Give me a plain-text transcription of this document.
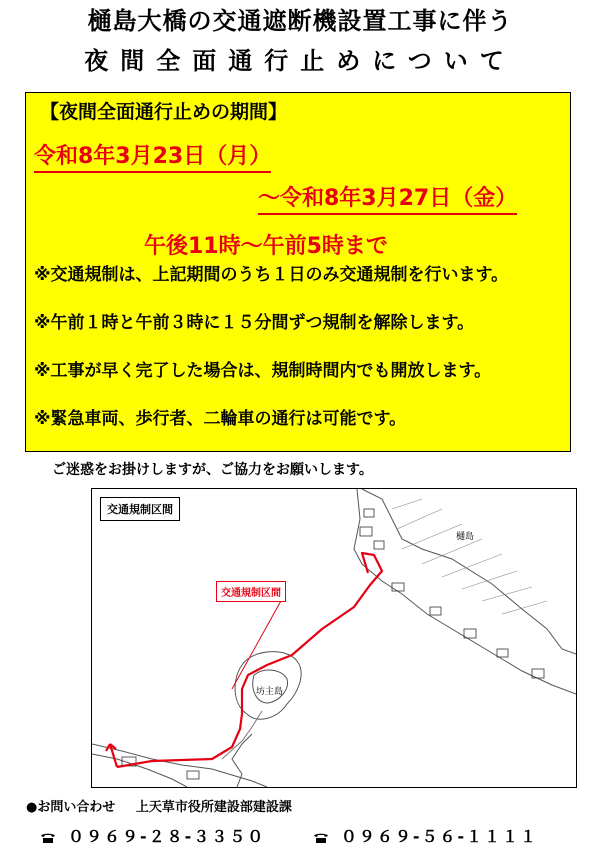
樋島大橋の交通遮断機設置工事に伴う
夜間全面通行止めについて
【夜間全面通行止めの期間】
令和8年3月23日（月）
～令和8年3月27日（金）
午後11時～午前5時まで
※交通規制は、上記期間のうち１日のみ交通規制を行います。
※午前１時と午前３時に１５分間ずつ規制を解除します。
※工事が早く完了した場合は、規制時間内でも開放します。
※緊急車両、歩行者、二輪車の通行は可能です。
ご迷惑をお掛けしますが、ご協力をお願いします。
交通規制区間
交通規制区間
樋島
坊主島
●お問い合わせ 上天草市役所建設部建設課
０９６９-２８-３３５０	０９６９-５６-１１１１
